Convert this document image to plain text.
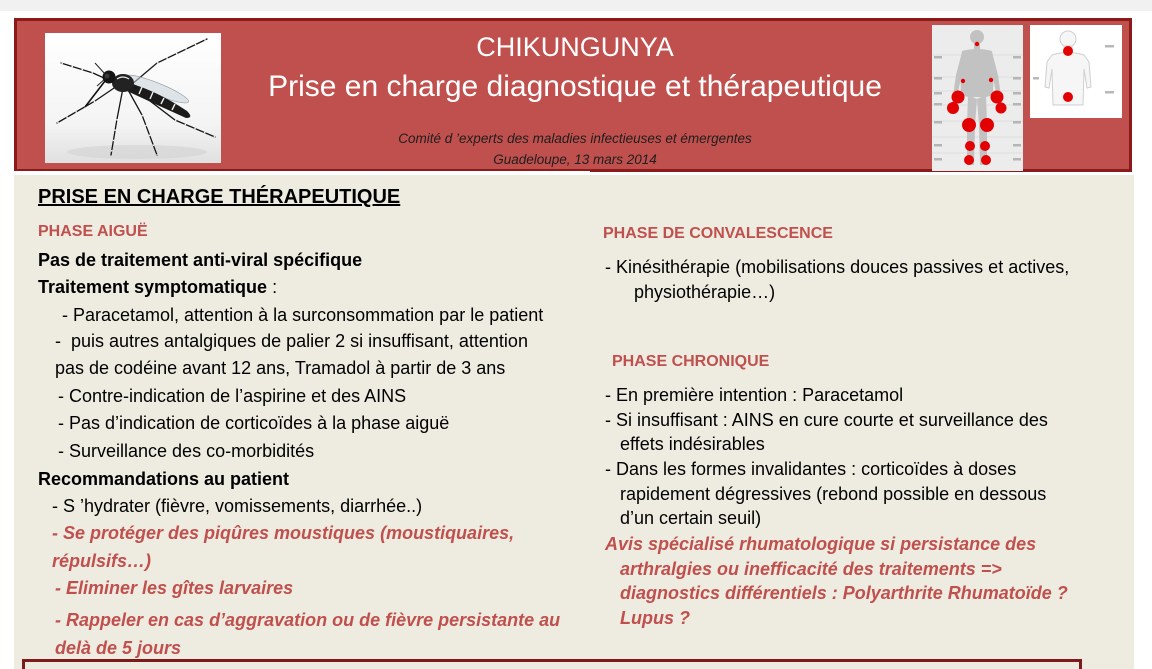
CHIKUNGUNYA
Prise en charge diagnostique et thérapeutique
Comité d ’experts des maladies infectieuses et émergentes
Guadeloupe, 13 mars 2014
PRISE EN CHARGE THÉRAPEUTIQUE
PHASE AIGUË
Pas de traitement anti-viral spécifique
Traitement symptomatique :
- Paracetamol, attention à la surconsommation par le patient
-  puis autres antalgiques de palier 2 si insuffisant, attention
pas de codéine avant 12 ans, Tramadol à partir de 3 ans
- Contre-indication de l’aspirine et des AINS
- Pas d’indication de corticoïdes à la phase aiguë
- Surveillance des co-morbidités
Recommandations au patient
- S ’hydrater (fièvre, vomissements, diarrhée..)
- Se protéger des piqûres moustiques (moustiquaires,
répulsifs…)
- Eliminer les gîtes larvaires
- Rappeler en cas d’aggravation ou de fièvre persistante au
delà de 5 jours
PHASE DE CONVALESCENCE
- Kinésithérapie (mobilisations douces passives et actives,
physiothérapie…)
PHASE CHRONIQUE
- En première intention : Paracetamol
- Si insuffisant : AINS en cure courte et surveillance des
effets indésirables
- Dans les formes invalidantes : corticoïdes à doses
rapidement dégressives (rebond possible en dessous
d’un certain seuil)
Avis spécialisé rhumatologique si persistance des
arthralgies ou inefficacité des traitements =>
diagnostics différentiels : Polyarthrite Rhumatoïde ?
Lupus ?
